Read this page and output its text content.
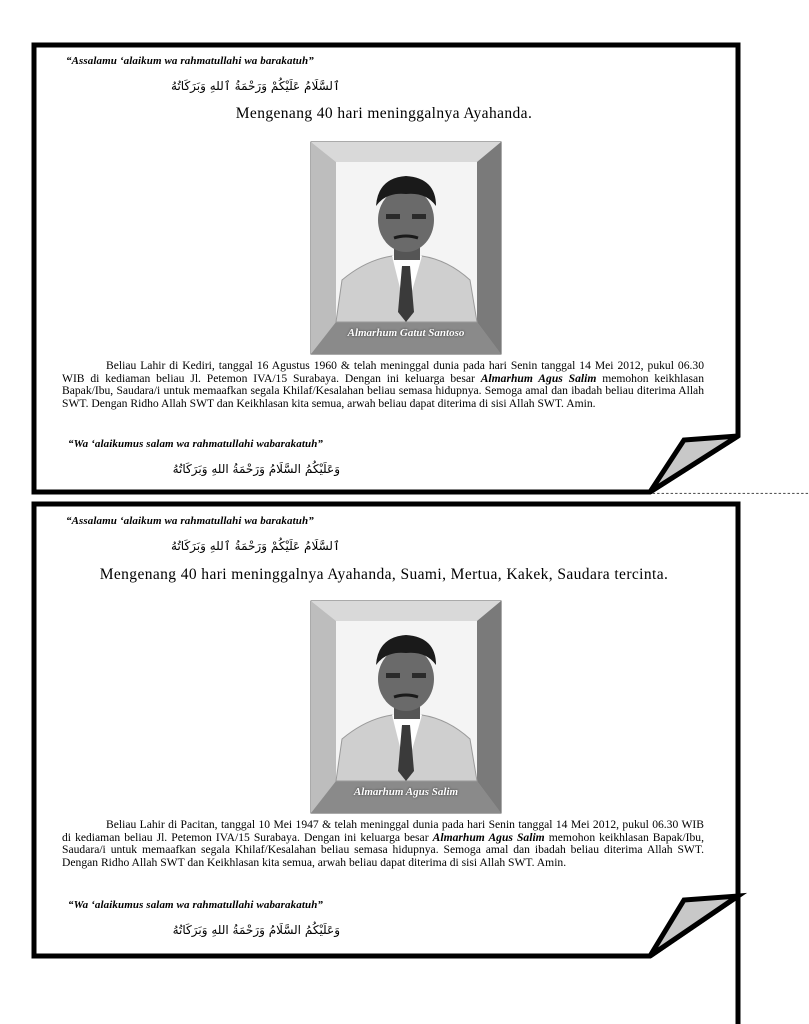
“Assalamu ‘alaikum wa rahmatullahi wa barakatuh”
ٱلسَّلَامُ عَلَيْكُمْ وَرَحْمَةُ ٱللهِ وَبَرَكَاتُهُ
Mengenang 40 hari meninggalnya Ayahanda.
Almarhum Gatut Santoso

Beliau Lahir di Kediri, tanggal 16 Agustus 1960 & telah meninggal dunia pada hari Senin tanggal 14 Mei 2012, pukul 06.30 WIB di kediaman beliau Jl. Petemon IVA/15 Surabaya. Dengan ini keluarga besar Almarhum Agus Salim memohon keikhlasan Bapak/Ibu, Saudara/i untuk memaafkan segala Khilaf/Kesalahan beliau semasa hidupnya. Semoga amal dan ibadah beliau diterima Allah SWT. Dengan Ridho Allah SWT dan Keikhlasan kita semua, arwah beliau dapat diterima di sisi Allah SWT. Amin.

“Wa ‘alaikumus salam wa rahmatullahi wabarakatuh”
وَعَلَيْكُمُ السَّلَامُ وَرَحْمَةُ اللهِ وَبَرَكَاتُهُ
---------------------------------------------------------------------------------------------------------------------------------------------------------------------
“Assalamu ‘alaikum wa rahmatullahi wa barakatuh”
ٱلسَّلَامُ عَلَيْكُمْ وَرَحْمَةُ ٱللهِ وَبَرَكَاتُهُ
Mengenang 40 hari meninggalnya Ayahanda, Suami, Mertua, Kakek, Saudara tercinta.
Almarhum Agus Salim

Beliau Lahir di Pacitan, tanggal 10 Mei 1947 & telah meninggal dunia pada hari Senin tanggal 14 Mei 2012, pukul 06.30 WIB di kediaman beliau Jl. Petemon IVA/15 Surabaya. Dengan ini keluarga besar Almarhum Agus Salim memohon keikhlasan Bapak/Ibu, Saudara/i untuk memaafkan segala Khilaf/Kesalahan beliau semasa hidupnya. Semoga amal dan ibadah beliau diterima Allah SWT. Dengan Ridho Allah SWT dan Keikhlasan kita semua, arwah beliau dapat diterima di sisi Allah SWT. Amin.

“Wa ‘alaikumus salam wa rahmatullahi wabarakatuh”
وَعَلَيْكُمُ السَّلَامُ وَرَحْمَةُ اللهِ وَبَرَكَاتُهُ
